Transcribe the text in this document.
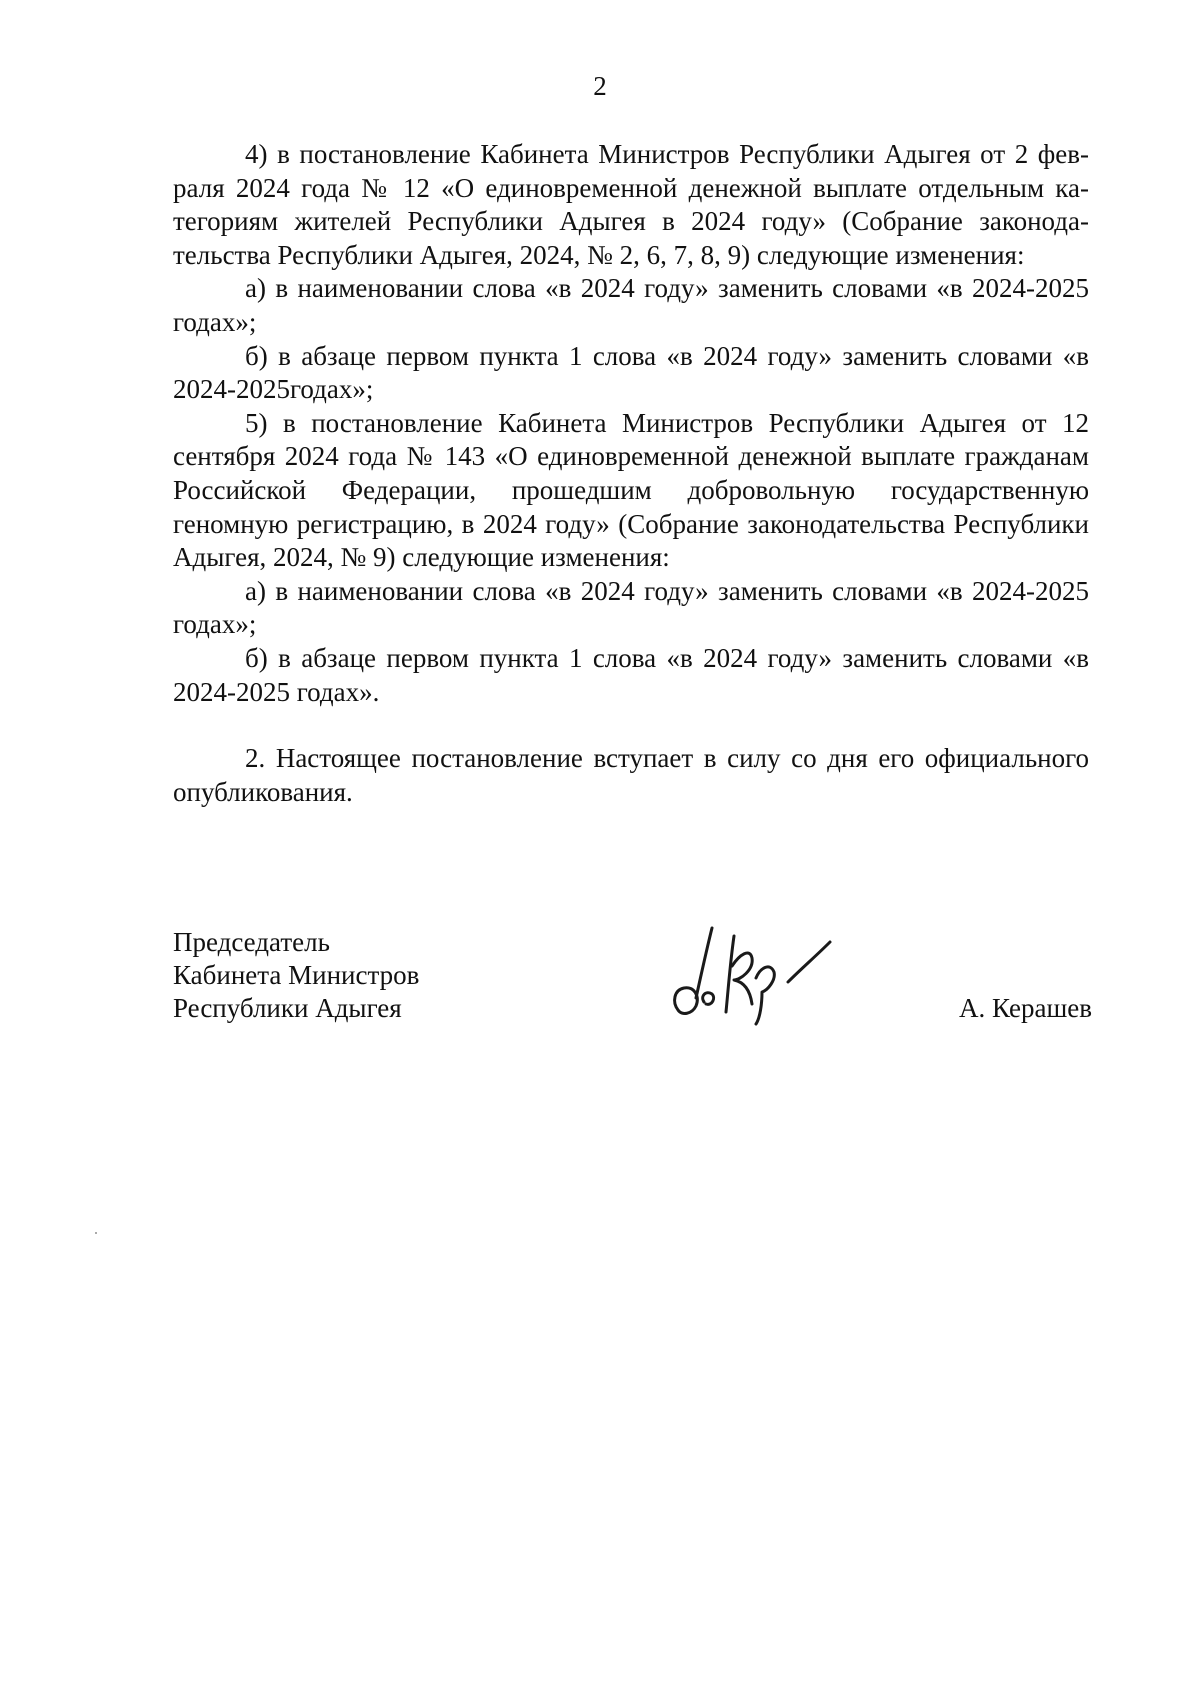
2

4) в постановление Кабинета Министров Республики Адыгея от 2 февраля 2024 года № 12 «О единовременной денежной выплате отдельным категориям жителей Республики Адыгея в 2024 году» (Собрание законодательства Республики Адыгея, 2024, № 2, 6, 7, 8, 9) следующие изменения:

а) в наименовании слова «в 2024 году» заменить словами «в 2024-2025 годах»;

б) в абзаце первом пункта 1 слова «в 2024 году» заменить словами «в 2024-2025годах»;

5) в постановление Кабинета Министров Республики Адыгея от 12 сентября 2024 года № 143 «О единовременной денежной выплате гражданам Российской Федерации, прошедшим добровольную государственную геномную регистрацию, в 2024 году» (Собрание законодательства Республики Адыгея, 2024, № 9) следующие изменения:

а) в наименовании слова «в 2024 году» заменить словами «в 2024-2025 годах»;

б) в абзаце первом пункта 1 слова «в 2024 году» заменить словами «в 2024-2025 годах».

2. Настоящее постановление вступает в силу со дня его официального опубликования.

Председатель
Кабинета Министров
Республики Адыгея	А. Керашев
